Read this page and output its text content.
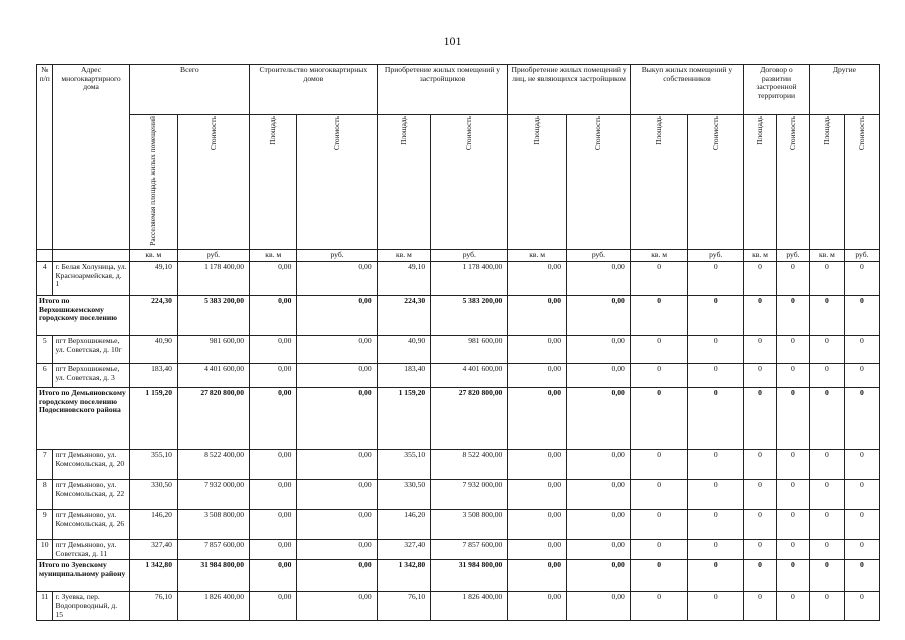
101
№ п/п	Адрес многоквартирного дома	Всего		Строительство многоквартирных домов		Приобретение жилых помещений у застройщиков		Приобретение жилых помещений у лиц, не являющихся застройщиком		Выкуп жилых помещений у собственников		Договор о развитии застроенной территории		Другие	
		Расселяемая площадь жилых помещений	Стоимость	Площадь	Стоимость	Площадь	Стоимость	Площадь	Стоимость	Площадь	Стоимость	Площадь	Стоимость	Площадь	Стоимость
		кв. м	руб.	кв. м	руб.	кв. м	руб.	кв. м	руб.	кв. м	руб.	кв. м	руб.	кв. м	руб.
4	г. Белая Холуница, ул. Красноармейская, д. 1	49,10	1 178 400,00	0,00	0,00	49,10	1 178 400,00	0,00	0,00	0	0	0	0	0	0
Итого по Верхошижемскому городскому поселению		224,30	5 383 200,00	0,00	0,00	224,30	5 383 200,00	0,00	0,00	0	0	0	0	0	0
5	пгт Верхошижемье, ул. Советская, д. 10г	40,90	981 600,00	0,00	0,00	40,90	981 600,00	0,00	0,00	0	0	0	0	0	0
6	пгт Верхошижемье, ул. Советская, д. 3	183,40	4 401 600,00	0,00	0,00	183,40	4 401 600,00	0,00	0,00	0	0	0	0	0	0
Итого по Демьяновскому городскому поселению Подосиновского района		1 159,20	27 820 800,00	0,00	0,00	1 159,20	27 820 800,00	0,00	0,00	0	0	0	0	0	0
7	пгт Демьяново, ул. Комсомольская, д. 20	355,10	8 522 400,00	0,00	0,00	355,10	8 522 400,00	0,00	0,00	0	0	0	0	0	0
8	пгт Демьяново, ул. Комсомольская, д. 22	330,50	7 932 000,00	0,00	0,00	330,50	7 932 000,00	0,00	0,00	0	0	0	0	0	0
9	пгт Демьяново, ул. Комсомольская, д. 26	146,20	3 508 800,00	0,00	0,00	146,20	3 508 800,00	0,00	0,00	0	0	0	0	0	0
10	пгт Демьяново, ул. Советская, д. 11	327,40	7 857 600,00	0,00	0,00	327,40	7 857 600,00	0,00	0,00	0	0	0	0	0	0
Итого по Зуевскому муниципальному району		1 342,80	31 984 800,00	0,00	0,00	1 342,80	31 984 800,00	0,00	0,00	0	0	0	0	0	0
11	г. Зуевка, пер. Водопроводный, д. 15	76,10	1 826 400,00	0,00	0,00	76,10	1 826 400,00	0,00	0,00	0	0	0	0	0	0
